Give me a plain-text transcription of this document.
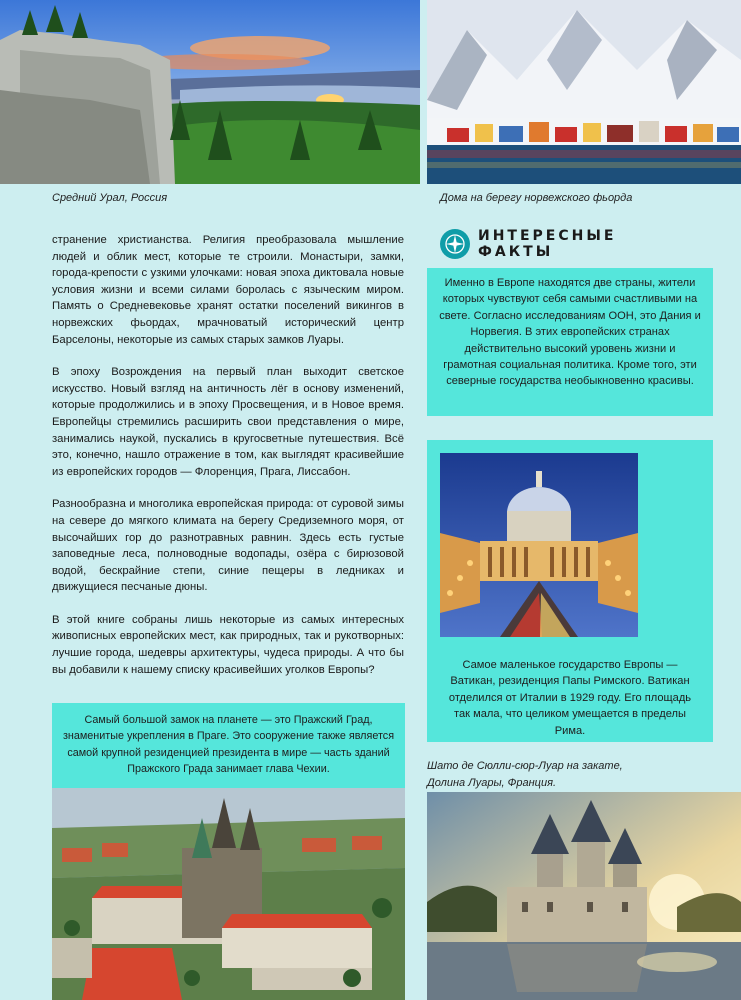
Средний Урал, Россия	Дома на берегу норвежского фьорда

странение христианства. Религия преобразовала мышление людей и облик мест, которые те строили. Монастыри, замки, города-крепости с узкими улочками: новая эпоха диктовала новые условия жизни и всеми силами боролась с языческим миром. Память о Средневековье хранят остатки поселений викингов в норвежских фьордах, мрачноватый исторический центр Барселоны, некоторые из самых старых замков Луары.

В эпоху Возрождения на первый план выходит светское искусство. Новый взгляд на античность лёг в основу изменений, которые продолжились и в эпоху Просвещения, и в Новое время. Европейцы стремились расширить свои представления о мире, занимались наукой, пускались в кругосветные путешествия. Всё это, конечно, нашло отражение в том, как выглядят красивейшие из европейских городов — Флоренция, Прага, Лиссабон.

Разнообразна и многолика европейская природа: от суровой зимы на севере до мягкого климата на берегу Средиземного моря, от высочайших гор до разнотравных равнин. Здесь есть густые заповедные леса, полноводные водопады, озёра с бирюзовой водой, бескрайние степи, синие пещеры в ледниках и движущиеся песчаные дюны.

В этой книге собраны лишь некоторые из самых интересных живописных европейских мест, как природных, так и рукотворных: лучшие города, шедевры архитектуры, чудеса природы. А что бы вы добавили к нашему списку красивейших уголков Европы?

ИНТЕРЕСНЫЕ
ФАКТЫ
Именно в Европе находятся две страны, жители которых чувствуют себя самыми счастливыми на свете. Согласно исследованиям ООН, это Дания и Норвегия. В этих европейских странах действительно высокий уровень жизни и грамотная социальная политика. Кроме того, эти северные государства необыкновенно красивы.
Самое маленькое государство Европы — Ватикан, резиденция Папы Римского. Ватикан отделился от Италии в 1929 году. Его площадь так мала, что целиком умещается в пределы Рима.
Шато де Сюлли-сюр-Луар на закате,
Долина Луары, Франция.
Самый большой замок на планете — это Пражский Град, знаменитые укрепления в Праге. Это сооружение также является самой крупной резиденцией президента в мире — часть зданий Пражского Града занимает глава Чехии.
